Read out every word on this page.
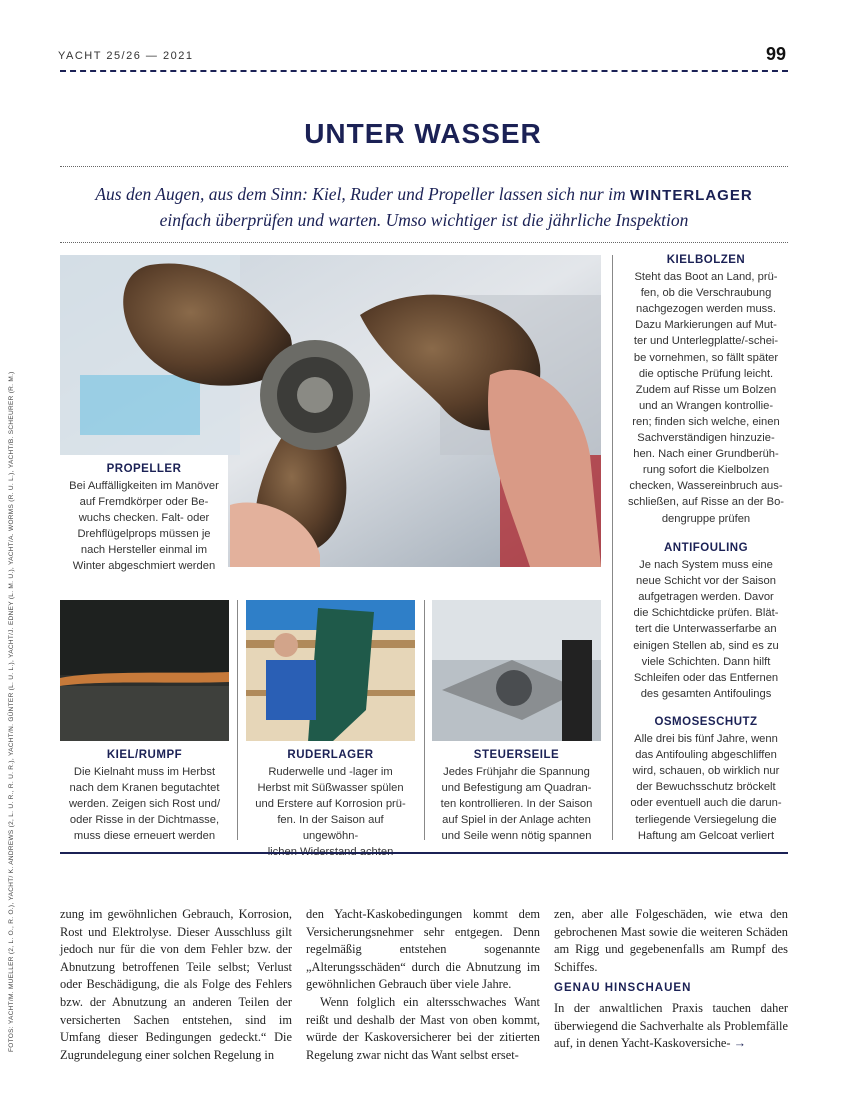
YACHT 25/26 — 2021	99
UNTER WASSER
Aus den Augen, aus dem Sinn: Kiel, Ruder und Propeller lassen sich nur im WINTERLAGER
einfach überprüfen und warten. Umso wichtiger ist die jährliche Inspektion
FOTOS: YACHT/M. MUELLER (2, L. O., R. O.), YACHT/ K. ANDREWS (2, L. U. R., R. U. R.), YACHT/N. GÜNTER (L. U. L.), YACHT/J. EDNEY (L. M. U.), YACHT/A. WORMS (R. U. L.), YACHT/B. SCHEURER (R. M.)	PROPELLER
Bei Auffälligkeiten im Manöver
auf Fremdkörper oder Be-
wuchs checken. Falt- oder
Drehflügelprops müssen je
nach Hersteller einmal im
Winter abgeschmiert werden
KIEL/RUMPF
Die Kielnaht muss im Herbst
nach dem Kranen begutachtet
werden. Zeigen sich Rost und/
oder Risse in der Dichtmasse,
muss diese erneuert werden
RUDERLAGER
Ruderwelle und -lager im
Herbst mit Süßwasser spülen
und Erstere auf Korrosion prü-
fen. In der Saison auf ungewöhn-
lichen Widerstand achten
STEUERSEILE
Jedes Frühjahr die Spannung
und Befestigung am Quadran-
ten kontrollieren. In der Saison
auf Spiel in der Anlage achten
und Seile wenn nötig spannen
KIELBOLZEN
Steht das Boot an Land, prü-
fen, ob die Verschraubung
nachgezogen werden muss.
Dazu Markierungen auf Mut-
ter und Unterlegplatte/-schei-
be vornehmen, so fällt später
die optische Prüfung leicht.
Zudem auf Risse um Bolzen
und an Wrangen kontrollie-
ren; finden sich welche, einen
Sachverständigen hinzuzie-
hen. Nach einer Grundberüh-
rung sofort die Kielbolzen
checken, Wassereinbruch aus-
schließen, auf Risse an der Bo-
dengruppe prüfen
ANTIFOULING
Je nach System muss eine
neue Schicht vor der Saison
aufgetragen werden. Davor
die Schichtdicke prüfen. Blät-
tert die Unterwasserfarbe an
einigen Stellen ab, sind es zu
viele Schichten. Dann hilft
Schleifen oder das Entfernen
des gesamten Antifoulings
OSMOSESCHUTZ
Alle drei bis fünf Jahre, wenn
das Antifouling abgeschliffen
wird, schauen, ob wirklich nur
der Bewuchsschutz bröckelt
oder eventuell auch die darun-
terliegende Versiegelung die
Haftung am Gelcoat verliert

zung im gewöhnlichen Gebrauch, Korrosion, Rost und Elektrolyse. Dieser Ausschluss gilt jedoch nur für die von dem Fehler bzw. der Abnutzung betroffenen Teile selbst; Verlust oder Beschädigung, die als Folge des Fehlers bzw. der Abnutzung an anderen Teilen der versicherten Sachen entstehen, sind im Umfang dieser Bedingungen gedeckt.“ Die Zugrundelegung einer solchen Regelung in

den Yacht-Kaskobedingungen kommt dem Versicherungsnehmer sehr entgegen. Denn regelmäßig entstehen sogenannte „Alterungsschäden“ durch die Abnutzung im gewöhnlichen Gebrauch über viele Jahre.

Wenn folglich ein altersschwaches Want reißt und deshalb der Mast von oben kommt, würde der Kaskoversicherer bei der zitierten Regelung zwar nicht das Want selbst erset-

zen, aber alle Folgeschäden, wie etwa den gebrochenen Mast sowie die weiteren Schäden am Rigg und gegebenenfalls am Rumpf des Schiffes.

GENAU HINSCHAUEN

In der anwaltlichen Praxis tauchen daher überwiegend die Sachverhalte als Problemfälle auf, in denen Yacht-Kaskoversiche- →
